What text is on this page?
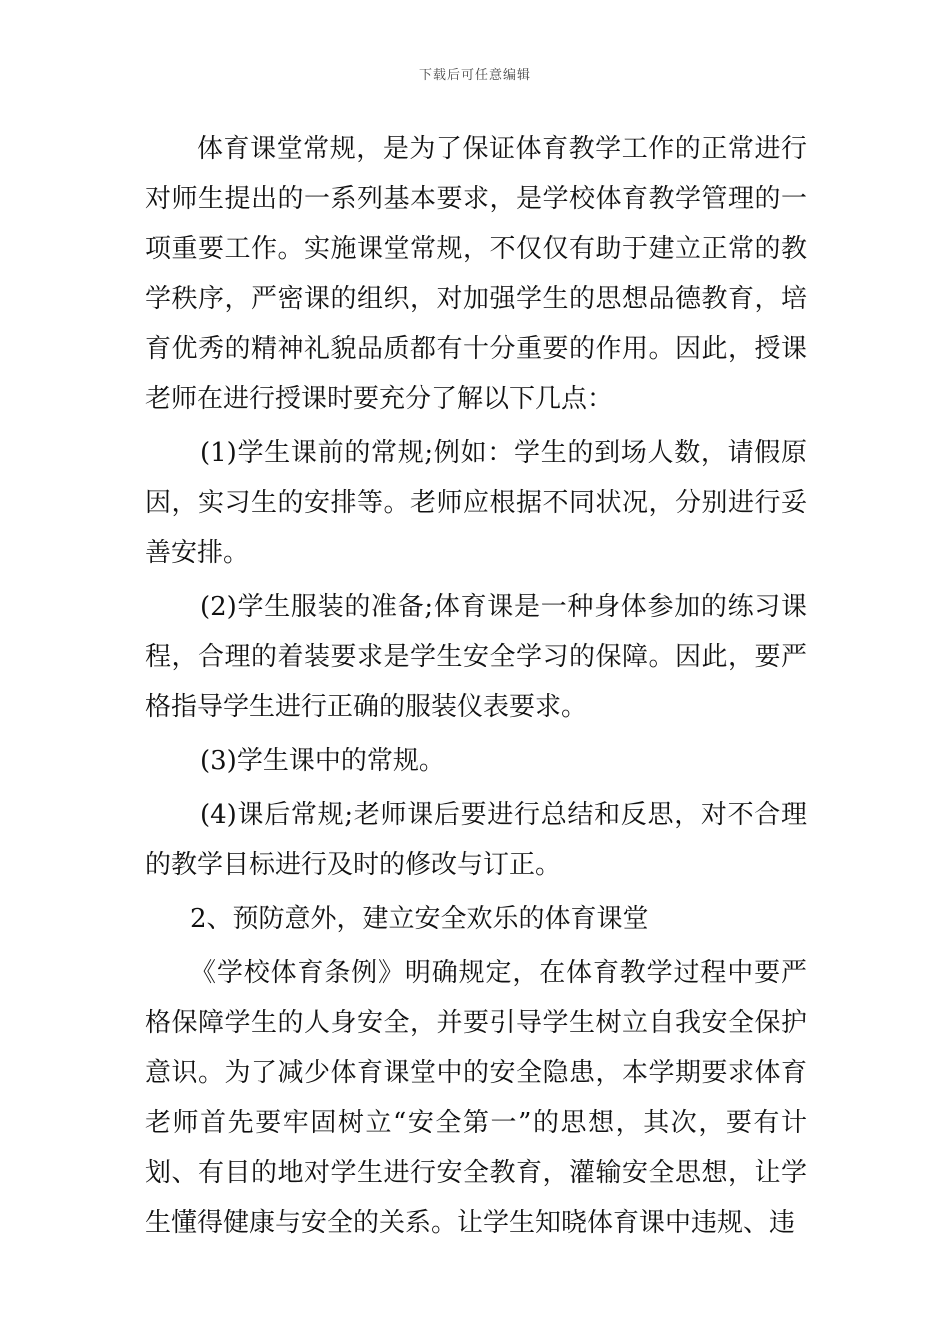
下载后可任意编辑

体育课堂常规，是为了保证体育教学工作的正常进行对师生提出的一系列基本要求，是学校体育教学管理的一项重要工作。实施课堂常规，不仅仅有助于建立正常的教学秩序，严密课的组织，对加强学生的思想品德教育，培育优秀的精神礼貌品质都有十分重要的作用。因此，授课老师在进行授课时要充分了解以下几点：

(1)学生课前的常规;例如：学生的到场人数，请假原因，实习生的安排等。老师应根据不同状况，分别进行妥善安排。

(2)学生服装的准备;体育课是一种身体参加的练习课程，合理的着装要求是学生安全学习的保障。因此，要严格指导学生进行正确的服装仪表要求。

(3)学生课中的常规。

(4)课后常规;老师课后要进行总结和反思，对不合理的教学目标进行及时的修改与订正。

2、预防意外，建立安全欢乐的体育课堂

《学校体育条例》明确规定，在体育教学过程中要严格保障学生的人身安全，并要引导学生树立自我安全保护意识。为了减少体育课堂中的安全隐患，本学期要求体育老师首先要牢固树立“安全第一”的思想，其次，要有计划、有目的地对学生进行安全教育，灌输安全思想，让学生懂得健康与安全的关系。让学生知晓体育课中违规、违
